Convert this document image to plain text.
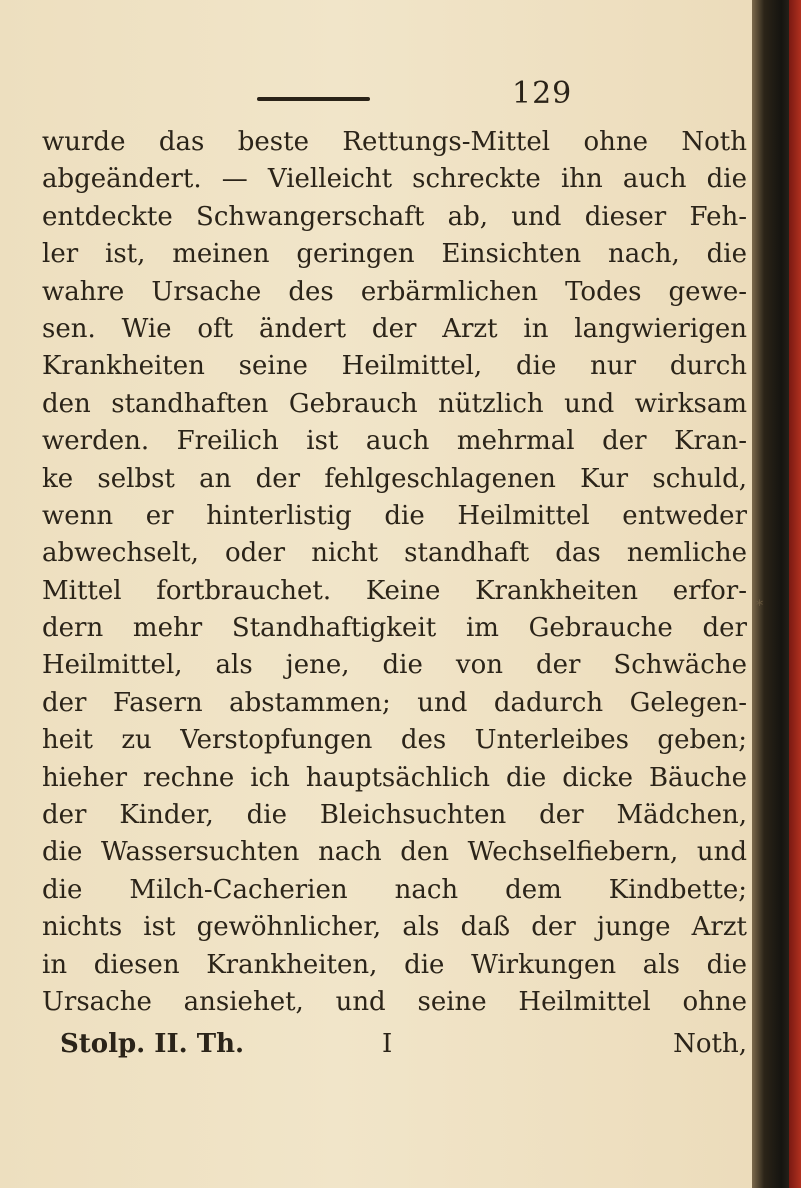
129
wurde das beste Rettungs-Mittel ohne Noth
abgeändert. — Vielleicht schreckte ihn auch die
entdeckte Schwangerschaft ab, und dieser Feh-
ler ist, meinen geringen Einsichten nach, die
wahre Ursache des erbärmlichen Todes gewe-
sen. Wie oft ändert der Arzt in langwierigen
Krankheiten seine Heilmittel, die nur durch
den standhaften Gebrauch nützlich und wirksam
werden. Freilich ist auch mehrmal der Kran-
ke selbst an der fehlgeschlagenen Kur schuld,
wenn er hinterlistig die Heilmittel entweder
abwechselt, oder nicht standhaft das nemliche
Mittel fortbrauchet. Keine Krankheiten erfor-
dern mehr Standhaftigkeit im Gebrauche der
Heilmittel, als jene, die von der Schwäche
der Fasern abstammen; und dadurch Gelegen-
heit zu Verstopfungen des Unterleibes geben;
hieher rechne ich hauptsächlich die dicke Bäuche
der Kinder, die Bleichsuchten der Mädchen,
die Wassersuchten nach den Wechselfiebern, und
die Milch-Cacherien nach dem Kindbette;
nichts ist gewöhnlicher, als daß der junge Arzt
in diesen Krankheiten, die Wirkungen als die
Ursache ansiehet, und seine Heilmittel ohne
Stolp. II. Th.	I	Noth,
*
